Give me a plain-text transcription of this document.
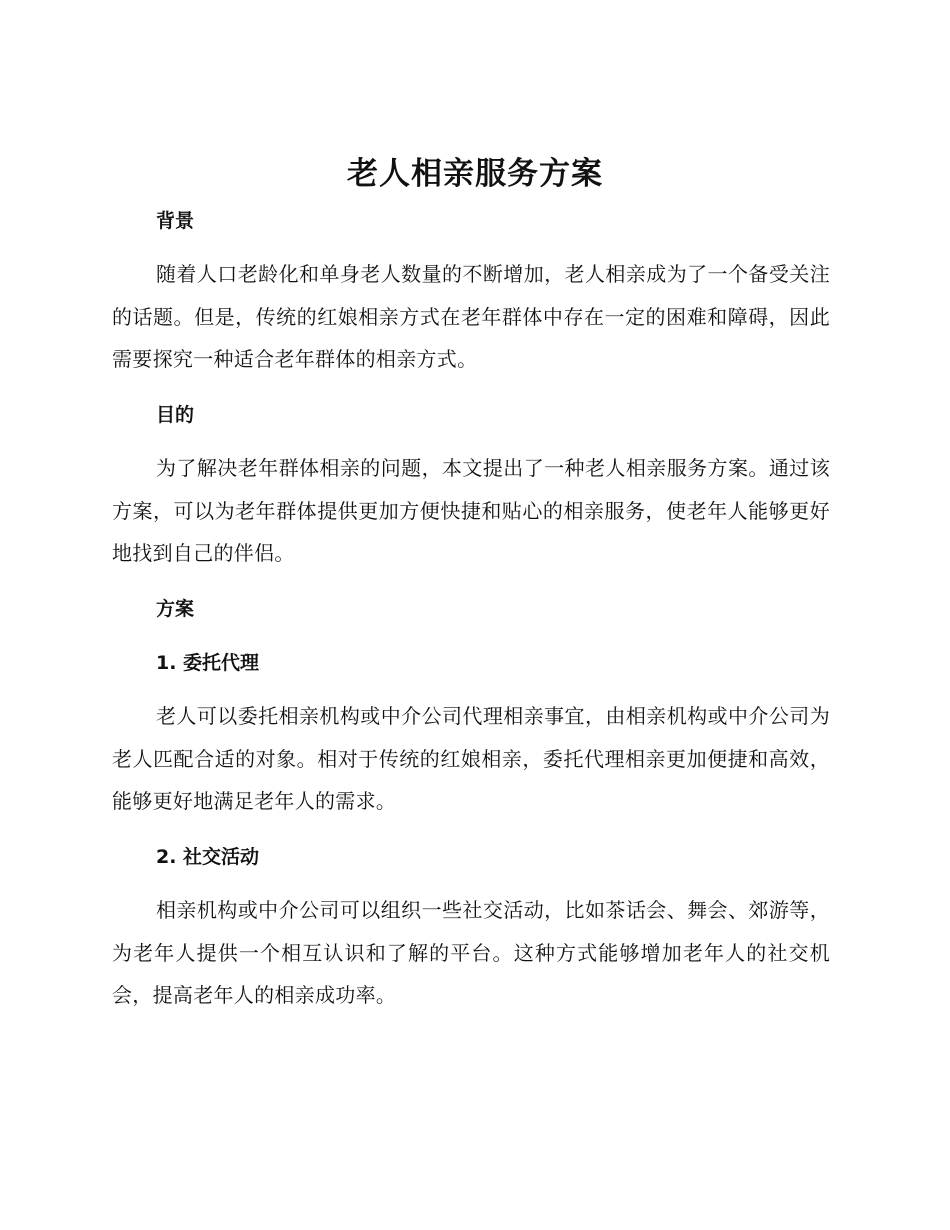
老人相亲服务方案
背景

随着人口老龄化和单身老人数量的不断增加，老人相亲成为了一个备受关注的话题。但是，传统的红娘相亲方式在老年群体中存在一定的困难和障碍，因此需要探究一种适合老年群体的相亲方式。

目的

为了解决老年群体相亲的问题，本文提出了一种老人相亲服务方案。通过该方案，可以为老年群体提供更加方便快捷和贴心的相亲服务，使老年人能够更好地找到自己的伴侣。

方案
1. 委托代理

老人可以委托相亲机构或中介公司代理相亲事宜，由相亲机构或中介公司为老人匹配合适的对象。相对于传统的红娘相亲，委托代理相亲更加便捷和高效，能够更好地满足老年人的需求。

2. 社交活动

相亲机构或中介公司可以组织一些社交活动，比如茶话会、舞会、郊游等，为老年人提供一个相互认识和了解的平台。这种方式能够增加老年人的社交机会，提高老年人的相亲成功率。
